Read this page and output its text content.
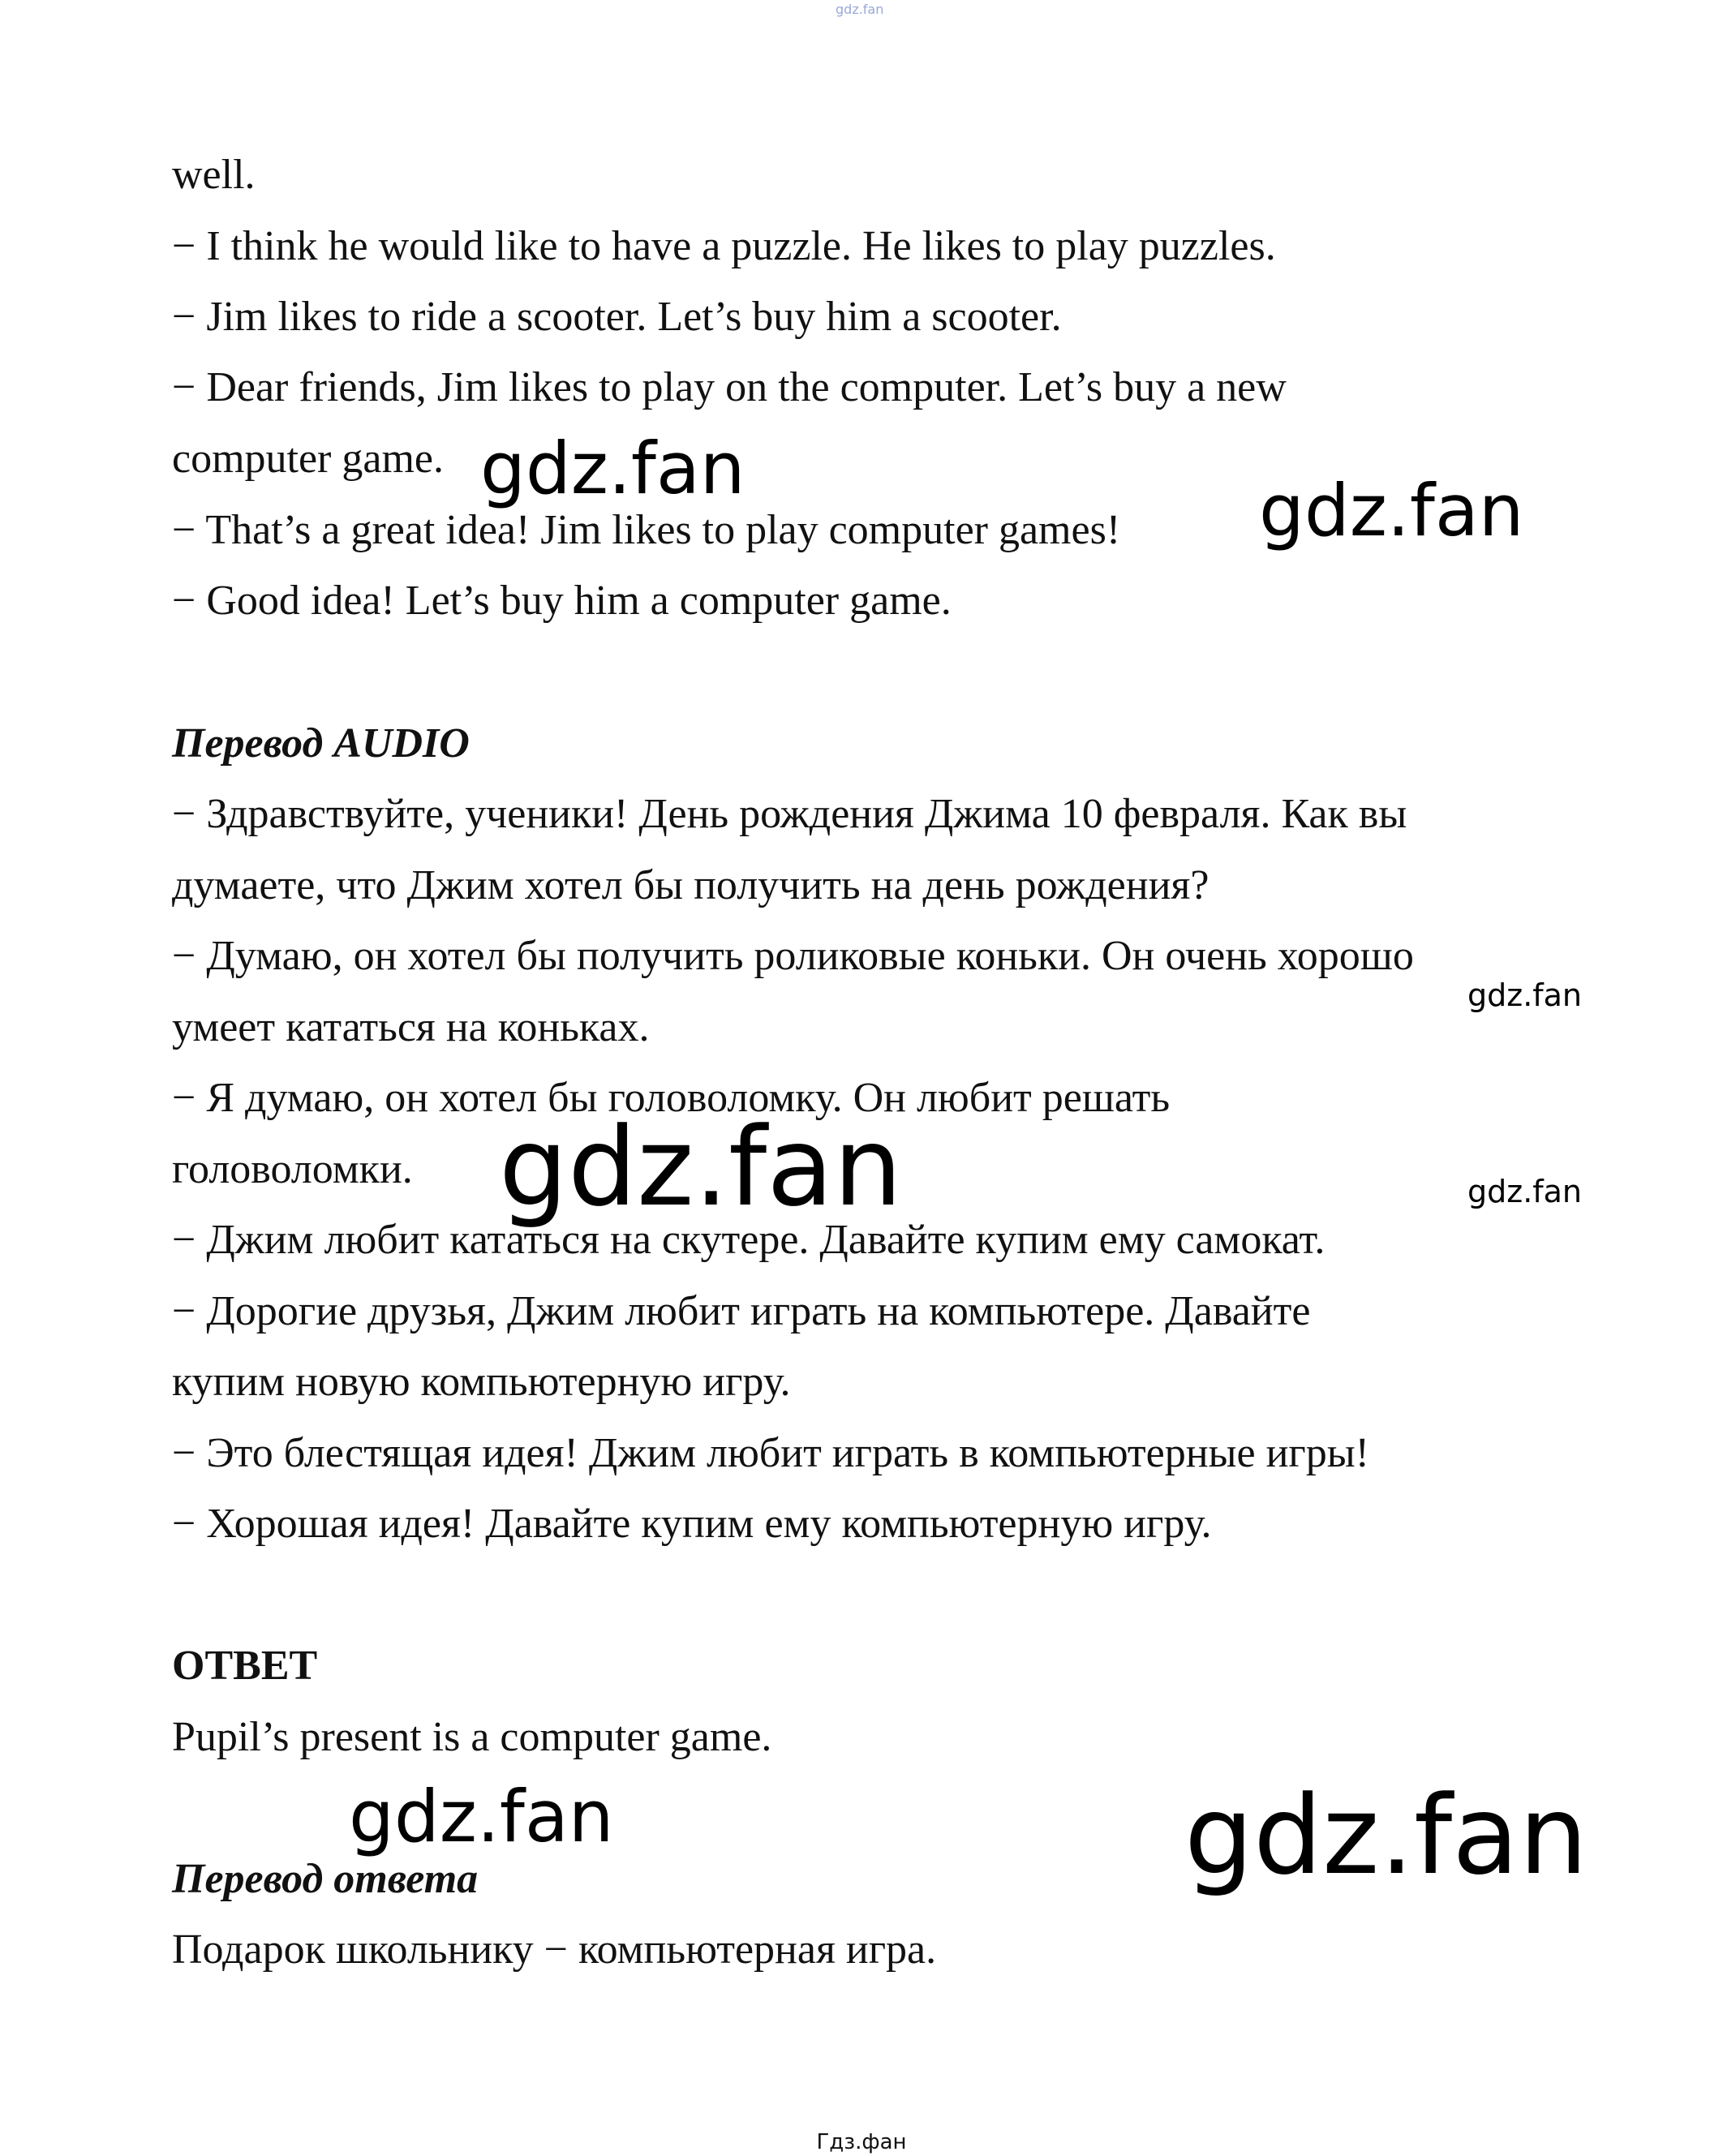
gdz.fan
well.
− I think he would like to have a puzzle. He likes to play puzzles.
− Jim likes to ride a scooter. Let’s buy him a scooter.
− Dear friends, Jim likes to play on the computer. Let’s buy a new
computer game.
− That’s a great idea! Jim likes to play computer games!
− Good idea! Let’s buy him a computer game.
Перевод AUDIO
− Здравствуйте, ученики! День рождения Джима 10 февраля. Как вы
думаете, что Джим хотел бы получить на день рождения?
− Думаю, он хотел бы получить роликовые коньки. Он очень хорошо
умеет кататься на коньках.
− Я думаю, он хотел бы головоломку. Он любит решать
головоломки.
− Джим любит кататься на скутере. Давайте купим ему самокат.
− Дорогие друзья, Джим любит играть на компьютере. Давайте
купим новую компьютерную игру.
− Это блестящая идея! Джим любит играть в компьютерные игры!
− Хорошая идея! Давайте купим ему компьютерную игру.
ОТВЕТ
Pupil’s present is a computer game.
Перевод ответа
Подарок школьнику − компьютерная игра.
gdz.fan
gdz.fan
gdz.fan
gdz.fan	gdz.fan
gdz.fan	gdz.fan
Гдз.фан
